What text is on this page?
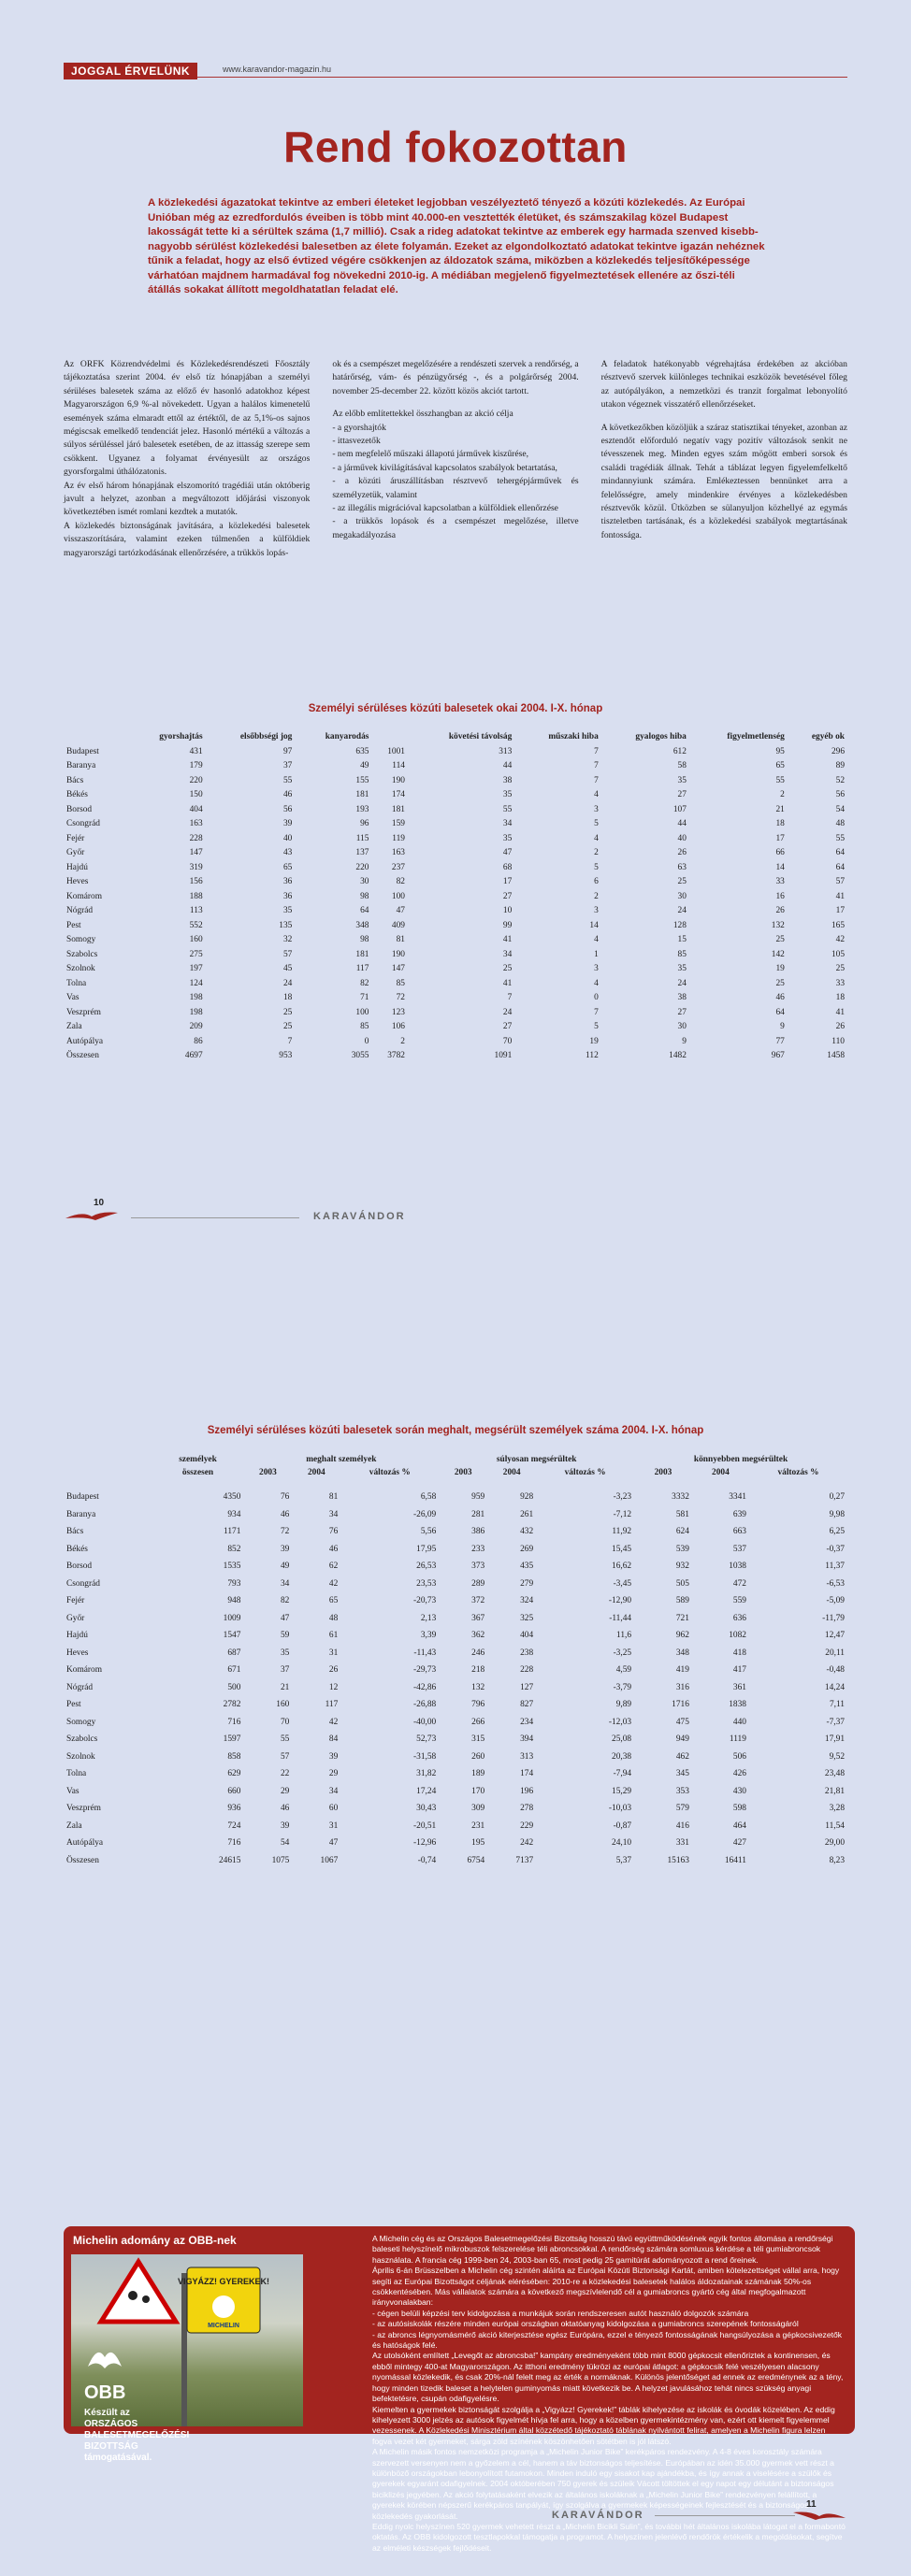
JOGGAL ÉRVELÜNK	www.karavandor-magazin.hu
Rend fokozottan

A közlekedési ágazatokat tekintve az emberi életeket legjobban veszélyeztető tényező a közúti közlekedés. Az Európai Unióban még az ezredfordulós éveiben is több mint 40.000-en vesztették életüket, és számszakilag közel Budapest lakosságát tette ki a sérültek száma (1,7 millió). Csak a rideg adatokat tekintve az emberek egy harmada szenved kisebb-nagyobb sérülést közlekedési balesetben az élete folyamán. Ezeket az elgondolkoztató adatokat tekintve igazán nehéznek tűnik a feladat, hogy az első évtized végére csökkenjen az áldozatok száma, miközben a közlekedés teljesítőképessége várhatóan majdnem harmadával fog növekedni 2010-ig. A médiában megjelenő figyelmeztetések ellenére az őszi-téli átállás sokakat állított megoldhatatlan feladat elé.

Az ORFK Közrendvédelmi és Közlekedésrendészeti Főosztály tájékoztatása szerint 2004. év első tíz hónapjában a személyi sérüléses balesetek száma az előző év hasonló adatokhoz képest Magyarországon 6,9 %-al növekedett. Ugyan a halálos kimenetelű események száma elmaradt ettől az értéktől, de az 5,1%-os sajnos mégiscsak emelkedő tendenciát jelez. Hasonló mértékű a változás a súlyos sérüléssel járó balesetek esetében, de az ittasság szerepe sem csökkent. Ugyanez a folyamat érvényesült az országos gyorsforgalmi úthálózatonis.

Az év első három hónapjának elszomorító tragédiái után októberig javult a helyzet, azonban a megváltozott időjárási viszonyok következtében ismét romlani kezdtek a mutatók.

A közlekedés biztonságának javítására, a közlekedési balesetek visszaszorítására, valamint ezeken túlmenően a külföldiek magyarországi tartózkodásának ellenőrzésére, a trükkös lopás-

ok és a csempészet megelőzésére a rendészeti szervek a rendőrség, a határőrség, vám- és pénzügyőrség -, és a polgárőrség 2004. november 25-december 22. között közös akciót tartott.

Az előbb említettekkel összhangban az akció célja

- a gyorshajtók
- ittasvezetők
- nem megfelelő műszaki állapotú járművek kiszűrése,
- a járművek kivilágításával kapcsolatos szabályok betartatása,
- a közúti áruszállításban résztvevő tehergépjárművek és személyzetük, valamint
- az illegális migrációval kapcsolatban a külföldiek ellenőrzése
- a trükkös lopások és a csempészet megelőzése, illetve megakadályozása

A feladatok hatékonyabb végrehajtása érdekében az akcióban résztvevő szervek különleges technikai eszközök bevetésével főleg az autópályákon, a nemzetközi és tranzit forgalmat lebonyolító utakon végeznek visszatérő ellenőrzéseket.

A következőkben közöljük a száraz statisztikai tényeket, azonban az esztendőt előforduló negatív vagy pozitív változások senkit ne tévesszenek meg. Minden egyes szám mögött emberi sorsok és családi tragédiák állnak. Tehát a táblázat legyen figyelemfelkeltő mindannyiunk számára. Emlékeztessen bennünket arra a felelősségre, amely mindenkire érvényes a közlekedésben résztvevők közül. Ütközben se sülanyuljon közhellyé az egymás tiszteletben tartásának, és a közlekedési szabályok megtartásának fontossága.

Személyi sérüléses közúti balesetek okai 2004. I-X. hónap
	gyorshajtás	elsőbbségi jog	kanyarodás		követési távolság	műszaki hiba	gyalogos hiba	figyelmetlenség	egyéb ok
Budapest	431	97	635	1001	313	7	612	95	296
Baranya	179	37	49	114	44	7	58	65	89
Bács	220	55	155	190	38	7	35	55	52
Békés	150	46	181	174	35	4	27	2	56
Borsod	404	56	193	181	55	3	107	21	54
Csongrád	163	39	96	159	34	5	44	18	48
Fejér	228	40	115	119	35	4	40	17	55
Győr	147	43	137	163	47	2	26	66	64
Hajdú	319	65	220	237	68	5	63	14	64
Heves	156	36	30	82	17	6	25	33	57
Komárom	188	36	98	100	27	2	30	16	41
Nógrád	113	35	64	47	10	3	24	26	17
Pest	552	135	348	409	99	14	128	132	165
Somogy	160	32	98	81	41	4	15	25	42
Szabolcs	275	57	181	190	34	1	85	142	105
Szolnok	197	45	117	147	25	3	35	19	25
Tolna	124	24	82	85	41	4	24	25	33
Vas	198	18	71	72	7	0	38	46	18
Veszprém	198	25	100	123	24	7	27	64	41
Zala	209	25	85	106	27	5	30	9	26
Autópálya	86	7	0	2	70	19	9	77	110
Összesen	4697	953	3055	3782	1091	112	1482	967	1458
10
KARAVÁNDOR
Személyi sérüléses közúti balesetek során meghalt, megsérült személyek száma 2004. I-X. hónap
	személyek	meghalt személyek			súlyosan megsérültek			könnyebben megsérültek		
	összesen	2003	2004	változás %	2003	2004	változás %	2003	2004	változás %

Budapest	4350	76	81	6,58	959	928	-3,23	3332	3341	0,27
Baranya	934	46	34	-26,09	281	261	-7,12	581	639	9,98
Bács	1171	72	76	5,56	386	432	11,92	624	663	6,25
Békés	852	39	46	17,95	233	269	15,45	539	537	-0,37
Borsod	1535	49	62	26,53	373	435	16,62	932	1038	11,37
Csongrád	793	34	42	23,53	289	279	-3,45	505	472	-6,53
Fejér	948	82	65	-20,73	372	324	-12,90	589	559	-5,09
Győr	1009	47	48	2,13	367	325	-11,44	721	636	-11,79
Hajdú	1547	59	61	3,39	362	404	11,6	962	1082	12,47
Heves	687	35	31	-11,43	246	238	-3,25	348	418	20,11
Komárom	671	37	26	-29,73	218	228	4,59	419	417	-0,48
Nógrád	500	21	12	-42,86	132	127	-3,79	316	361	14,24
Pest	2782	160	117	-26,88	796	827	9,89	1716	1838	7,11
Somogy	716	70	42	-40,00	266	234	-12,03	475	440	-7,37
Szabolcs	1597	55	84	52,73	315	394	25,08	949	1119	17,91
Szolnok	858	57	39	-31,58	260	313	20,38	462	506	9,52
Tolna	629	22	29	31,82	189	174	-7,94	345	426	23,48
Vas	660	29	34	17,24	170	196	15,29	353	430	21,81
Veszprém	936	46	60	30,43	309	278	-10,03	579	598	3,28
Zala	724	39	31	-20,51	231	229	-0,87	416	464	11,54
Autópálya	716	54	47	-12,96	195	242	24,10	331	427	29,00
Összesen	24615	1075	1067	-0,74	6754	7137	5,37	15163	16411	8,23
Michelin adomány az OBB-nek
VIGYÁZZ! GYEREKEK!
MICHELIN
OBB
Készült az ORSZÁGOS BALESETMEGELŐZÉSI BIZOTTSÁG támogatásával.

A Michelin cég és az Országos Balesetmegelőzési Bizottság hosszú távú együttműködésének egyik fontos állomása a rendőrségi baleseti helyszínelő mikrobuszok felszerelése téli abroncsokkal. A rendőrség számára somluxus kérdése a téli gumiabroncsok használata. A francia cég 1999-ben 24, 2003-ban 65, most pedig 25 garnitúrát adományozott a rend őreinek.

Április 6-án Brüsszelben a Michelin cég szintén aláírta az Európai Közúti Biztonsági Kartát, amiben kötelezettséget vállal arra, hogy segíti az Európai Bizottságot céljának elérésében: 2010-re a közlekedési balesetek halálos áldozatainak számának 50%-os csökkentésében. Más vállalatok számára a következő megszívlelendő cél a gumiabroncs gyártó cég által megfogalmazott irányvonalakban:

- cégen belüli képzési terv kidolgozása a munkájuk során rendszeresen autót használó dolgozók számára

- az autósiskolák részére minden európai országban oktatóanyag kidolgozása a gumiabroncs szerepének fontosságáról

- az abroncs légnyomásmérő akció kiterjesztése egész Európára, ezzel e tényező fontosságának hangsúlyozása a gépkocsivezetők és hatóságok felé.

Az utolsóként említett „Levegőt az abroncsba!” kampány eredményeként több mint 8000 gépkocsit ellenőriztek a kontinensen, és ebből mintegy 400-at Magyarországon. Az itthoni eredmény tükrözi az európai átlagot: a gépkocsik felé veszélyesen alacsony nyomással közlekedik, és csak 20%-nál felelt meg az érték a normáknak. Különös jelentőséget ad ennek az eredménynek az a tény, hogy minden tizedik baleset a helytelen guminyomás miatt következik be. A helyzet javulásához tehát nincs szükség anyagi befektetésre, csupán odafigyelésre.

Kiemelten a gyermekek biztonságát szolgálja a „Vigyázz! Gyerekek!” táblák kihelyezése az iskolák és óvodák közelében. Az eddig kihelyezett 3000 jelzés az autósok figyelmét hívja fel arra, hogy a közelben gyermekintézmény van, ezért ott kiemelt figyelemmel vezessenek. A Közlekedési Minisztérium által közzétedő tájékoztató táblának nyilvántott felirat, amelyen a Michelin figura lelzen fogva vezet két gyermeket, sárga zöld színének köszönhetően sötétben is jól látszó.

A Michelin másik fontos nemzetközi programja a „Michelin Junior Bike” kerékpáros rendezvény. A 4-8 éves korosztály számára szervezett versenyen nem a győzelem a cél, hanem a táv biztonságos teljesítése. Európában az idén 35.000 gyermek vett részt a különböző országokban lebonyolított futamokon. Minden induló egy sisakot kap ajándékba, és így annak a viselésére a szülők és gyerekek egyaránt odafigyelnek. 2004 októberében 750 gyerek és szüleik Vácott töltöttek el egy napot egy délutánt a biztonságos biciklizés jegyében. Az akció folytatásaként elvezik az általános iskoláknak a „Michelin Junior Bike” rendezvényen felállított, a gyerekek körében népszerű kerékpáros tanpályát, így szolgálva a gyermekek képességeinek fejlesztését és a biztonságos közlekedés gyakorlását.

Eddig nyolc helyszínen 520 gyermek vehetett részt a „Michelin Bicikli Sulin”, és további hét általános iskolába látogat el a formabontó oktatás. Az OBB kidolgozott tesztlapokkal támogatja a programot. A helyszínen jelenlévő rendőrök értékelik a megoldásokat, segítve az elméleti készségek fejlődéseit.

KARAVÁNDOR
11
